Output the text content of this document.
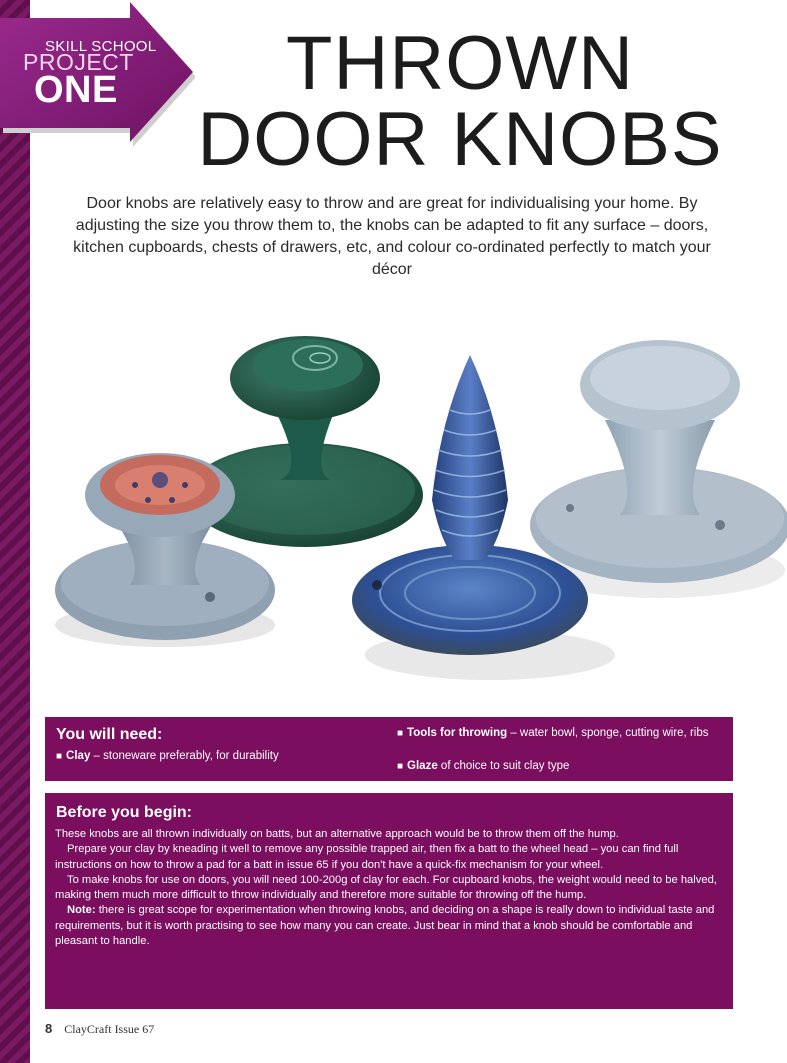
SKILL SCHOOL
PROJECT
ONE	THROWN
DOOR KNOBS
Door knobs are relatively easy to throw and are great for individualising your home. By adjusting the size you throw them to, the knobs can be adapted to fit any surface – doors, kitchen cupboards, chests of drawers, etc, and colour co-ordinated perfectly to match your décor
You will need:
■ Clay – stoneware preferably, for durability
■ Tools for throwing – water bowl, sponge, cutting wire, ribs
■ Glaze of choice to suit clay type
Before you begin:

These knobs are all thrown individually on batts, but an alternative approach would be to throw them off the hump.

Prepare your clay by kneading it well to remove any possible trapped air, then fix a batt to the wheel head – you can find full instructions on how to throw a pad for a batt in issue 65 if you don't have a quick-fix mechanism for your wheel.

To make knobs for use on doors, you will need 100-200g of clay for each. For cupboard knobs, the weight would need to be halved, making them much more difficult to throw individually and therefore more suitable for throwing off the hump.

Note: there is great scope for experimentation when throwing knobs, and deciding on a shape is really down to individual taste and requirements, but it is worth practising to see how many you can create. Just bear in mind that a knob should be comfortable and pleasant to handle.

8 ClayCraft Issue 67
